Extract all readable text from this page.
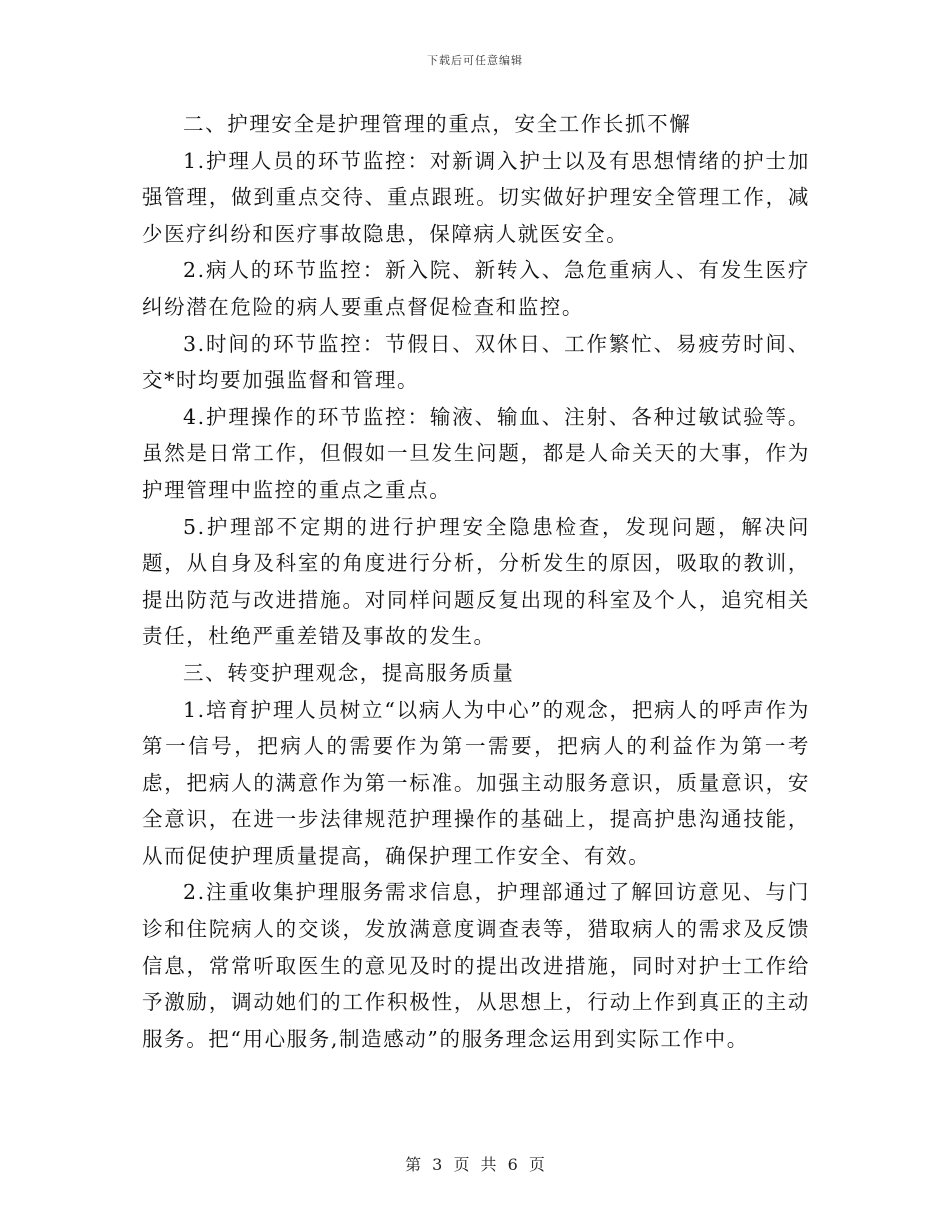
下载后可任意编辑

二、护理安全是护理管理的重点，安全工作长抓不懈

1.护理人员的环节监控：对新调入护士以及有思想情绪的护士加强管理，做到重点交待、重点跟班。切实做好护理安全管理工作，减少医疗纠纷和医疗事故隐患，保障病人就医安全。

2.病人的环节监控：新入院、新转入、急危重病人、有发生医疗纠纷潜在危险的病人要重点督促检查和监控。

3.时间的环节监控：节假日、双休日、工作繁忙、易疲劳时间、交*时均要加强监督和管理。

4.护理操作的环节监控：输液、输血、注射、各种过敏试验等。虽然是日常工作，但假如一旦发生问题，都是人命关天的大事，作为护理管理中监控的重点之重点。

5.护理部不定期的进行护理安全隐患检查，发现问题，解决问题，从自身及科室的角度进行分析，分析发生的原因，吸取的教训，提出防范与改进措施。对同样问题反复出现的科室及个人，追究相关责任，杜绝严重差错及事故的发生。

三、转变护理观念，提高服务质量

1.培育护理人员树立“以病人为中心”的观念，把病人的呼声作为第一信号，把病人的需要作为第一需要，把病人的利益作为第一考虑，把病人的满意作为第一标准。加强主动服务意识，质量意识，安全意识，在进一步法律规范护理操作的基础上，提高护患沟通技能，从而促使护理质量提高，确保护理工作安全、有效。

2.注重收集护理服务需求信息，护理部通过了解回访意见、与门诊和住院病人的交谈，发放满意度调查表等，猎取病人的需求及反馈信息，常常听取医生的意见及时的提出改进措施，同时对护士工作给予激励，调动她们的工作积极性，从思想上，行动上作到真正的主动服务。把“用心服务,制造感动”的服务理念运用到实际工作中。

第 3 页 共 6 页
